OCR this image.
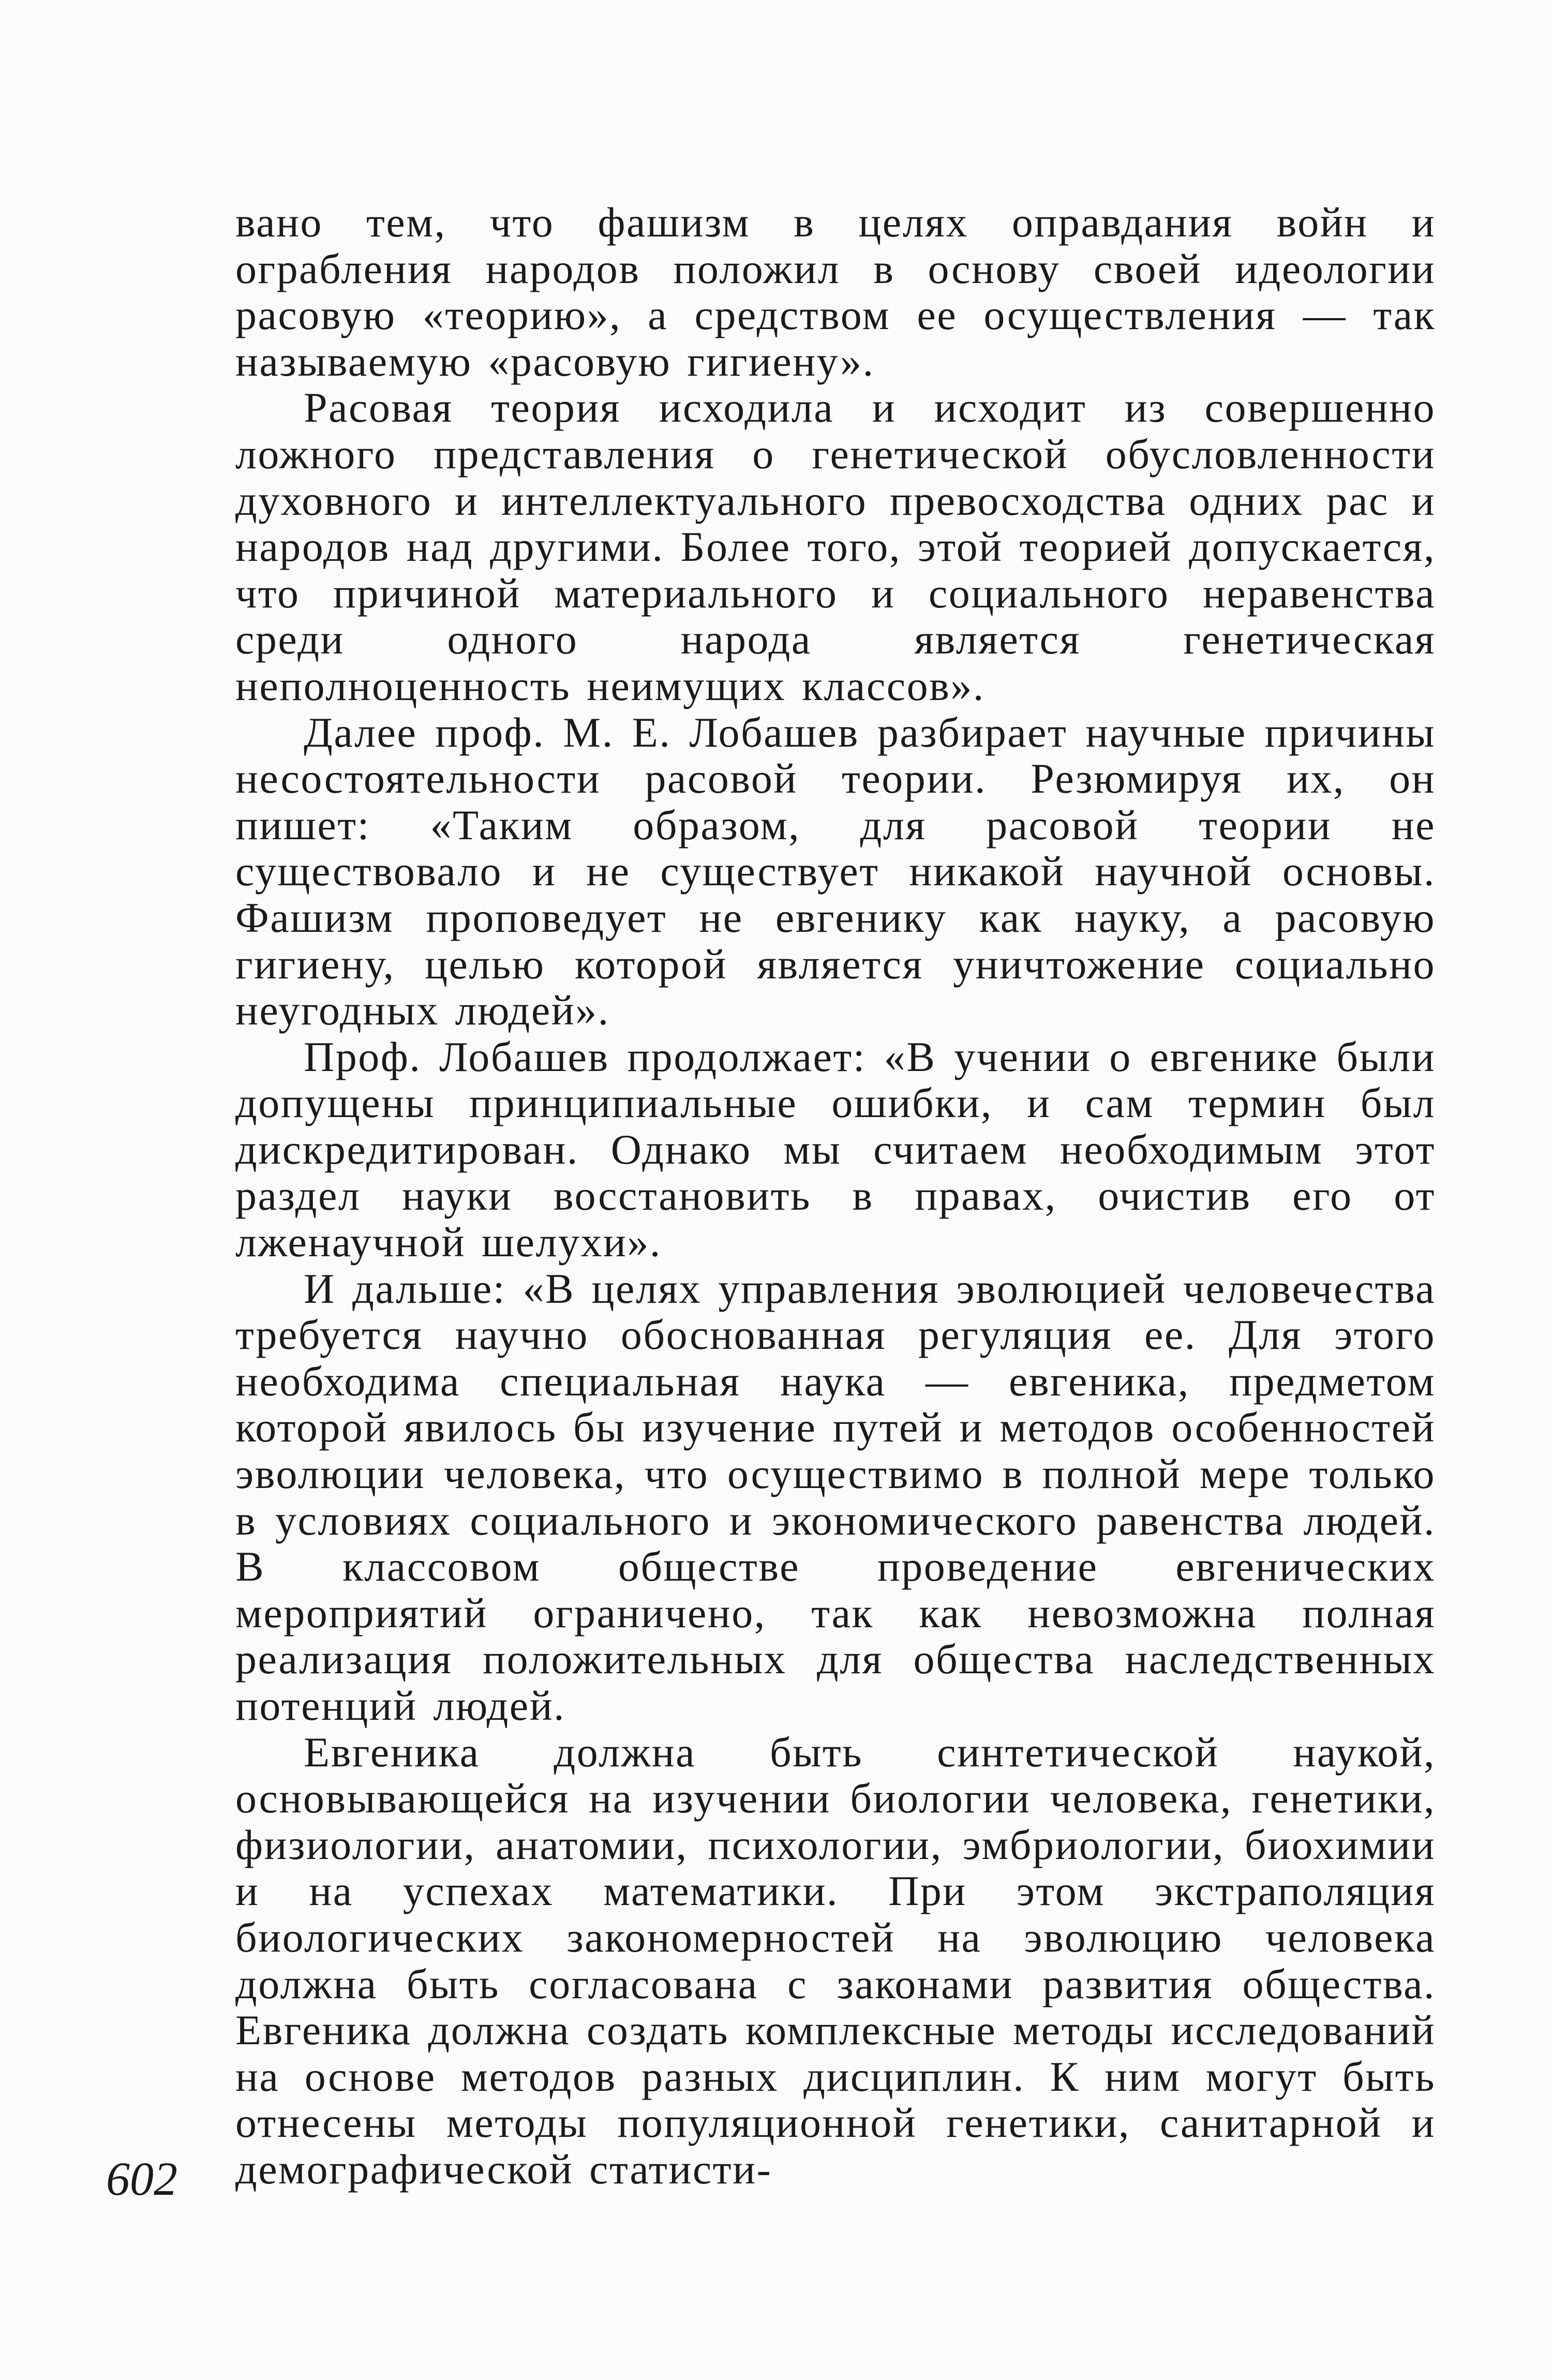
вано тем, что фашизм в целях оправдания войн и ограбления народов положил в основу своей идеологии расовую «теорию», а средством ее осуществления — так называемую «расовую гигиену».

Расовая теория исходила и исходит из совершенно ложного представления о генетической обусловленности духовного и интеллектуального превосходства одних рас и народов над другими. Более того, этой теорией допускается, что причиной материального и социального неравенства среди одного народа является генетическая неполноценность неимущих классов».

Далее проф. М. Е. Лобашев разбирает научные причины несостоятельности расовой теории. Резюмируя их, он пишет: «Таким образом, для расовой теории не существовало и не существует никакой научной основы. Фашизм проповедует не евгенику как науку, а расовую гигиену, целью которой является уничтожение социально неугодных людей».

Проф. Лобашев продолжает: «В учении о евгенике были допущены принципиальные ошибки, и сам термин был дискредитирован. Однако мы считаем необходимым этот раздел науки восстановить в правах, очистив его от лженаучной шелухи».

И дальше: «В целях управления эволюцией человечества требуется научно обоснованная регуляция ее. Для этого необходима специальная наука — евгеника, предметом которой явилось бы изучение путей и методов особенностей эволюции человека, что осуществимо в полной мере только в условиях социального и экономического равенства людей. В классовом обществе проведение евгенических мероприятий ограничено, так как невозможна полная реализация положительных для общества наследственных потенций людей.

Евгеника должна быть синтетической наукой, основывающейся на изучении биологии человека, генетики, физиологии, анатомии, психологии, эмбриологии, биохимии и на успехах математики. При этом экстраполяция биологических закономерностей на эволюцию человека должна быть согласована с законами развития общества. Евгеника должна создать комплексные методы исследований на основе методов разных дисциплин. К ним могут быть отнесены методы популяционной генетики, санитарной и демографической статисти-

602
